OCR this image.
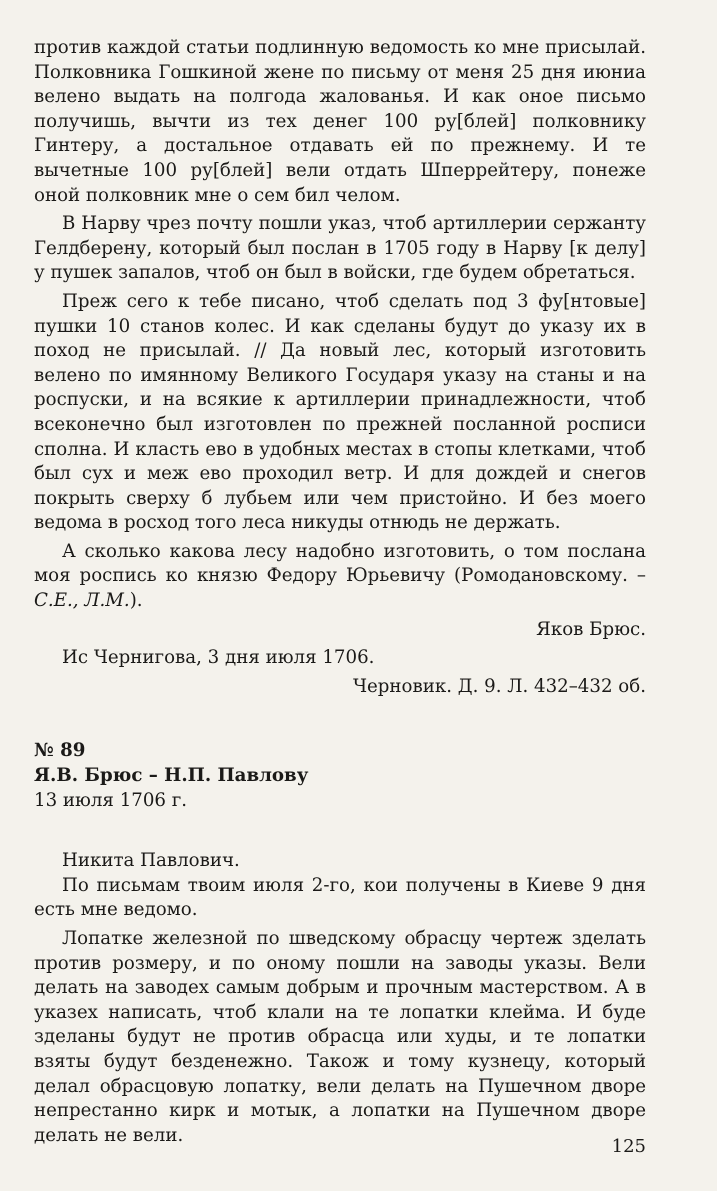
против каждой статьи подлинную ведомость ко мне присылай. Полковника Гошкиной жене по письму от меня 25 дня июниа велено выдать на полгода жалованья. И как оное письмо получишь, вычти из тех денег 100 ру[блей] полковнику Гинтеру, а достальное отдавать ей по прежнему. И те вычетные 100 ру[блей] вели отдать Шперрейтеру, понеже оной полковник мне о сем бил челом.

В Нарву чрез почту пошли указ, чтоб артиллерии сержанту Гелдберену, который был послан в 1705 году в Нарву [к делу] у пушек запалов, чтоб он был в войски, где будем обретаться.

Преж сего к тебе писано, чтоб сделать под 3 фу[нтовые] пушки 10 станов колес. И как сделаны будут до указу их в поход не присылай. // Да новый лес, который изготовить велено по имянному Великого Государя указу на станы и на роспуски, и на всякие к артиллерии принадлежности, чтоб всеконечно был изготовлен по прежней посланной росписи сполна. И класть ево в удобных местах в стопы клетками, чтоб был сух и меж ево проходил ветр. И для дождей и снегов покрыть сверху б лубьем или чем пристойно. И без моего ведома в росход того леса никуды отнюдь не держать.

А сколько какова лесу надобно изготовить, о том послана моя роспись ко князю Федору Юрьевичу (Ромодановскому. – С.Е., Л.М.).

Яков Брюс.

Ис Чернигова, 3 дня июля 1706.

Черновик. Д. 9. Л. 432–432 об.

№ 89

Я.В. Брюс – Н.П. Павлову

13 июля 1706 г.

Никита Павлович.

По письмам твоим июля 2-го, кои получены в Киеве 9 дня есть мне ведомо.

Лопатке железной по шведскому обрасцу чертеж зделать против розмеру, и по оному пошли на заводы указы. Вели делать на заводех самым добрым и прочным мастерством. А в указех написать, чтоб клали на те лопатки клейма. И буде зделаны будут не против обрасца или худы, и те лопатки взяты будут безденежно. Також и тому кузнецу, который делал обрасцовую лопатку, вели делать на Пушечном дворе непрестанно кирк и мотык, а лопатки на Пушечном дворе делать не вели.

125
